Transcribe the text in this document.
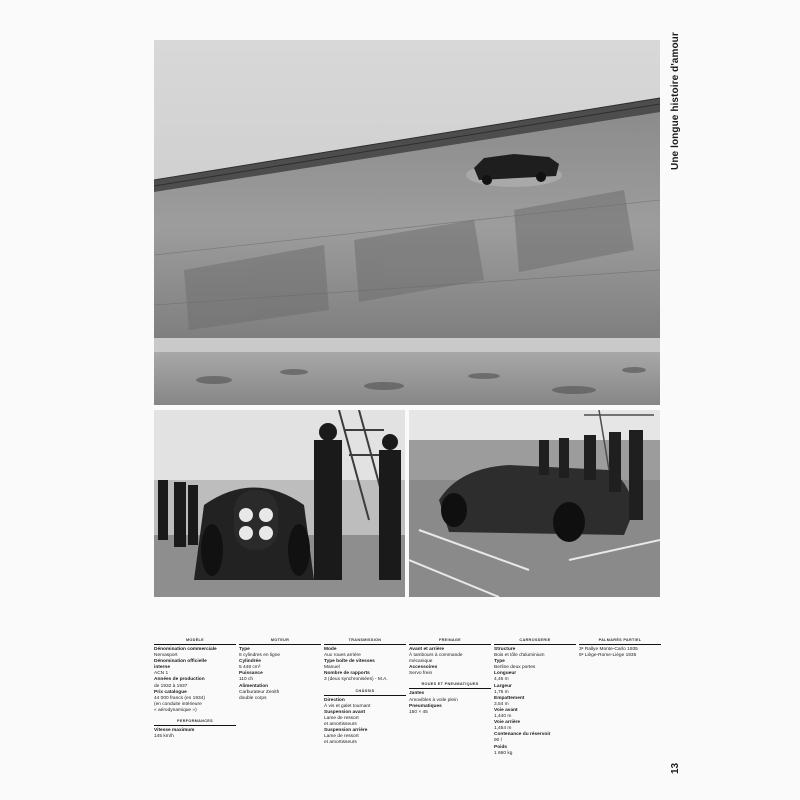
Une longue histoire d'amour
MODÈLE
Dénomination commerciale
Nervasport
Dénomination officielle
interne
ACN 1
Années de production
de 1932 à 1937
Prix catalogue
44 000 francs (en 1934)
(en conduite intérieure
« aérodynamique »)
PERFORMANCES
Vitesse maximum
145 km/h
MOTEUR
Type
8 cylindres en ligne
Cylindrée
5 448 cm³
Puissance
110 ch
Alimentation
Carburateur Zenith
double corps
TRANSMISSION
Mode
Aux roues arrière
Type boîte de vitesses
Manuel
Nombre de rapports
3 (deux synchronisées) - M.A.
CHÂSSIS
Direction
À vis et galet tournant
Suspension avant
Lame de ressort
et amortisseurs
Suspension arrière
Lame de ressort
et amortisseurs
FREINAGE
Avant et arrière
À tambours à commande
mécanique
Accessoires
Servo frein
ROUES ET PNEUMATIQUES
Jantes
Amovibles à voile plein
Pneumatiques
150 × 45
CARROSSERIE
Structure
Bois et tôle d'aluminium
Type
Berline deux portes
Longueur
4,46 m
Largeur
1,75 m
Empattement
3,54 m
Voie avant
1,440 m
Voie arrière
1,454 m
Contenance du réservoir
90 l
Poids
1 660 kg
PALMARÈS PARTIEL
3ᵉ Rallye Monte-Carlo 1935
5ᵉ Liège-Rome-Liège 1935
13
